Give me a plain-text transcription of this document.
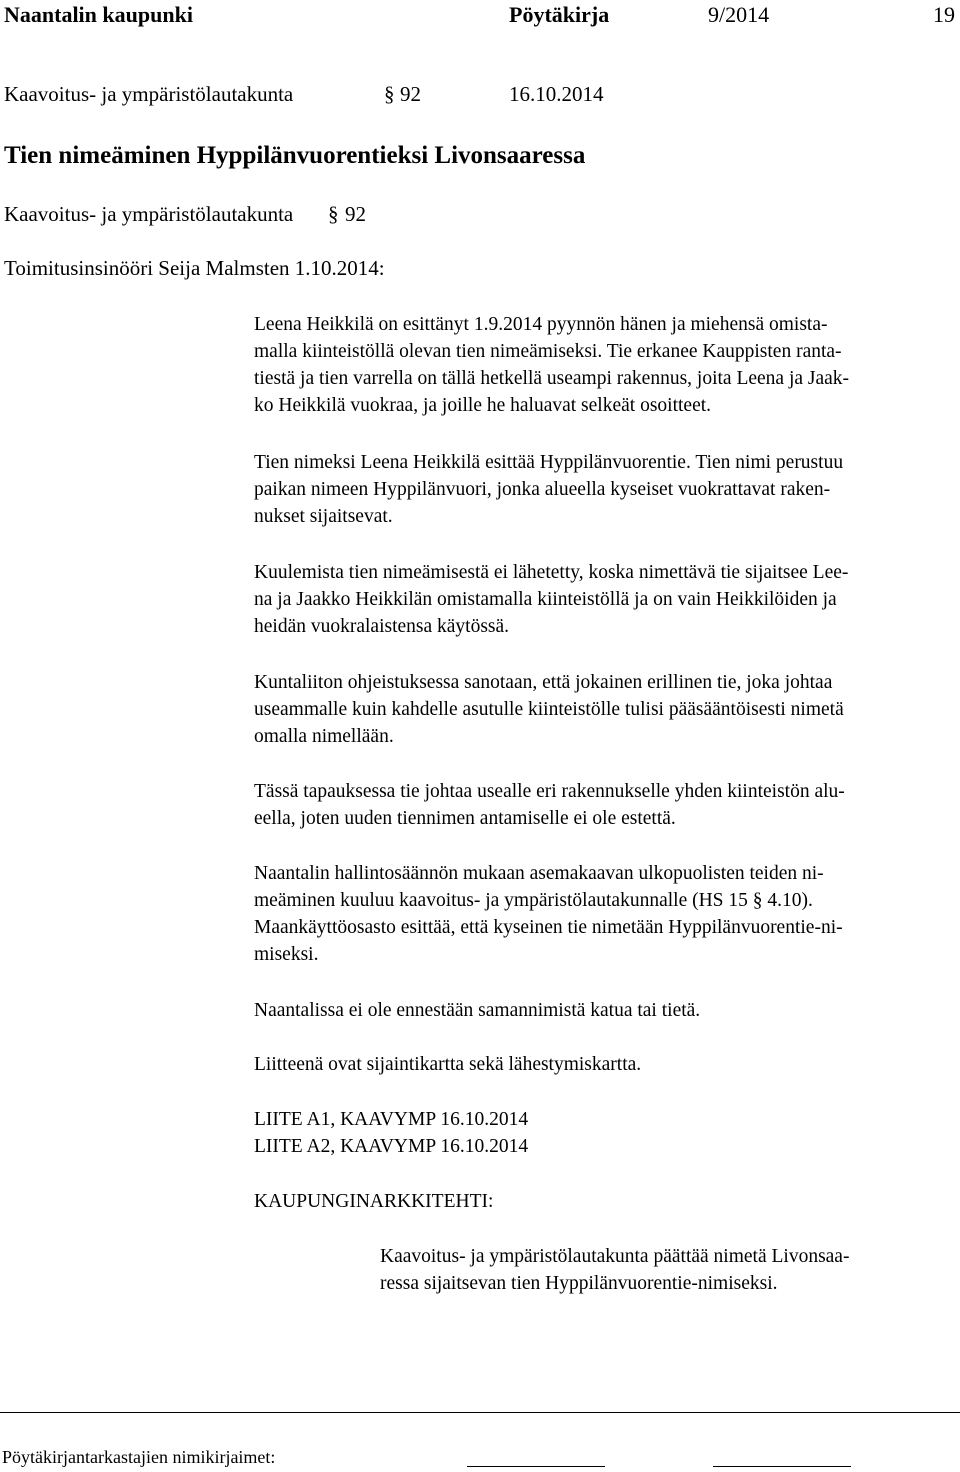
Naantalin kaupunki	Pöytäkirja	9/2014	19
Kaavoitus- ja ympäristölautakunta	§ 92	16.10.2014
Tien nimeäminen Hyppilänvuorentieksi Livonsaaressa
Kaavoitus- ja ympäristölautakunta § 92
Toimitusinsinööri Seija Malmsten 1.10.2014:

Leena Heikkilä on esittänyt 1.9.2014 pyynnön hänen ja miehensä omista-

malla kiinteistöllä olevan tien nimeämiseksi. Tie erkanee Kauppisten ranta-

tiestä ja tien varrella on tällä hetkellä useampi rakennus, joita Leena ja Jaak-

ko Heikkilä vuokraa, ja joille he haluavat selkeät osoitteet.

Tien nimeksi Leena Heikkilä esittää Hyppilänvuorentie. Tien nimi perustuu

paikan nimeen Hyppilänvuori, jonka alueella kyseiset vuokrattavat raken-

nukset sijaitsevat.

Kuulemista tien nimeämisestä ei lähetetty, koska nimettävä tie sijaitsee Lee-

na ja Jaakko Heikkilän omistamalla kiinteistöllä ja on vain Heikkilöiden ja

heidän vuokralaistensa käytössä.

Kuntaliiton ohjeistuksessa sanotaan, että jokainen erillinen tie, joka johtaa

useammalle kuin kahdelle asutulle kiinteistölle tulisi pääsääntöisesti nimetä

omalla nimellään.

Tässä tapauksessa tie johtaa usealle eri rakennukselle yhden kiinteistön alu-

eella, joten uuden tiennimen antamiselle ei ole estettä.

Naantalin hallintosäännön mukaan asemakaavan ulkopuolisten teiden ni-

meäminen kuuluu kaavoitus- ja ympäristölautakunnalle (HS 15 § 4.10).

Maankäyttöosasto esittää, että kyseinen tie nimetään Hyppilänvuorentie-ni-

miseksi.

Naantalissa ei ole ennestään samannimistä katua tai tietä.

Liitteenä ovat sijaintikartta sekä lähestymiskartta.

LIITE A1, KAAVYMP 16.10.2014

LIITE A2, KAAVYMP 16.10.2014

KAUPUNGINARKKITEHTI:

Kaavoitus- ja ympäristölautakunta päättää nimetä Livonsaa-

ressa sijaitsevan tien Hyppilänvuorentie-nimiseksi.

Pöytäkirjantarkastajien nimikirjaimet:
